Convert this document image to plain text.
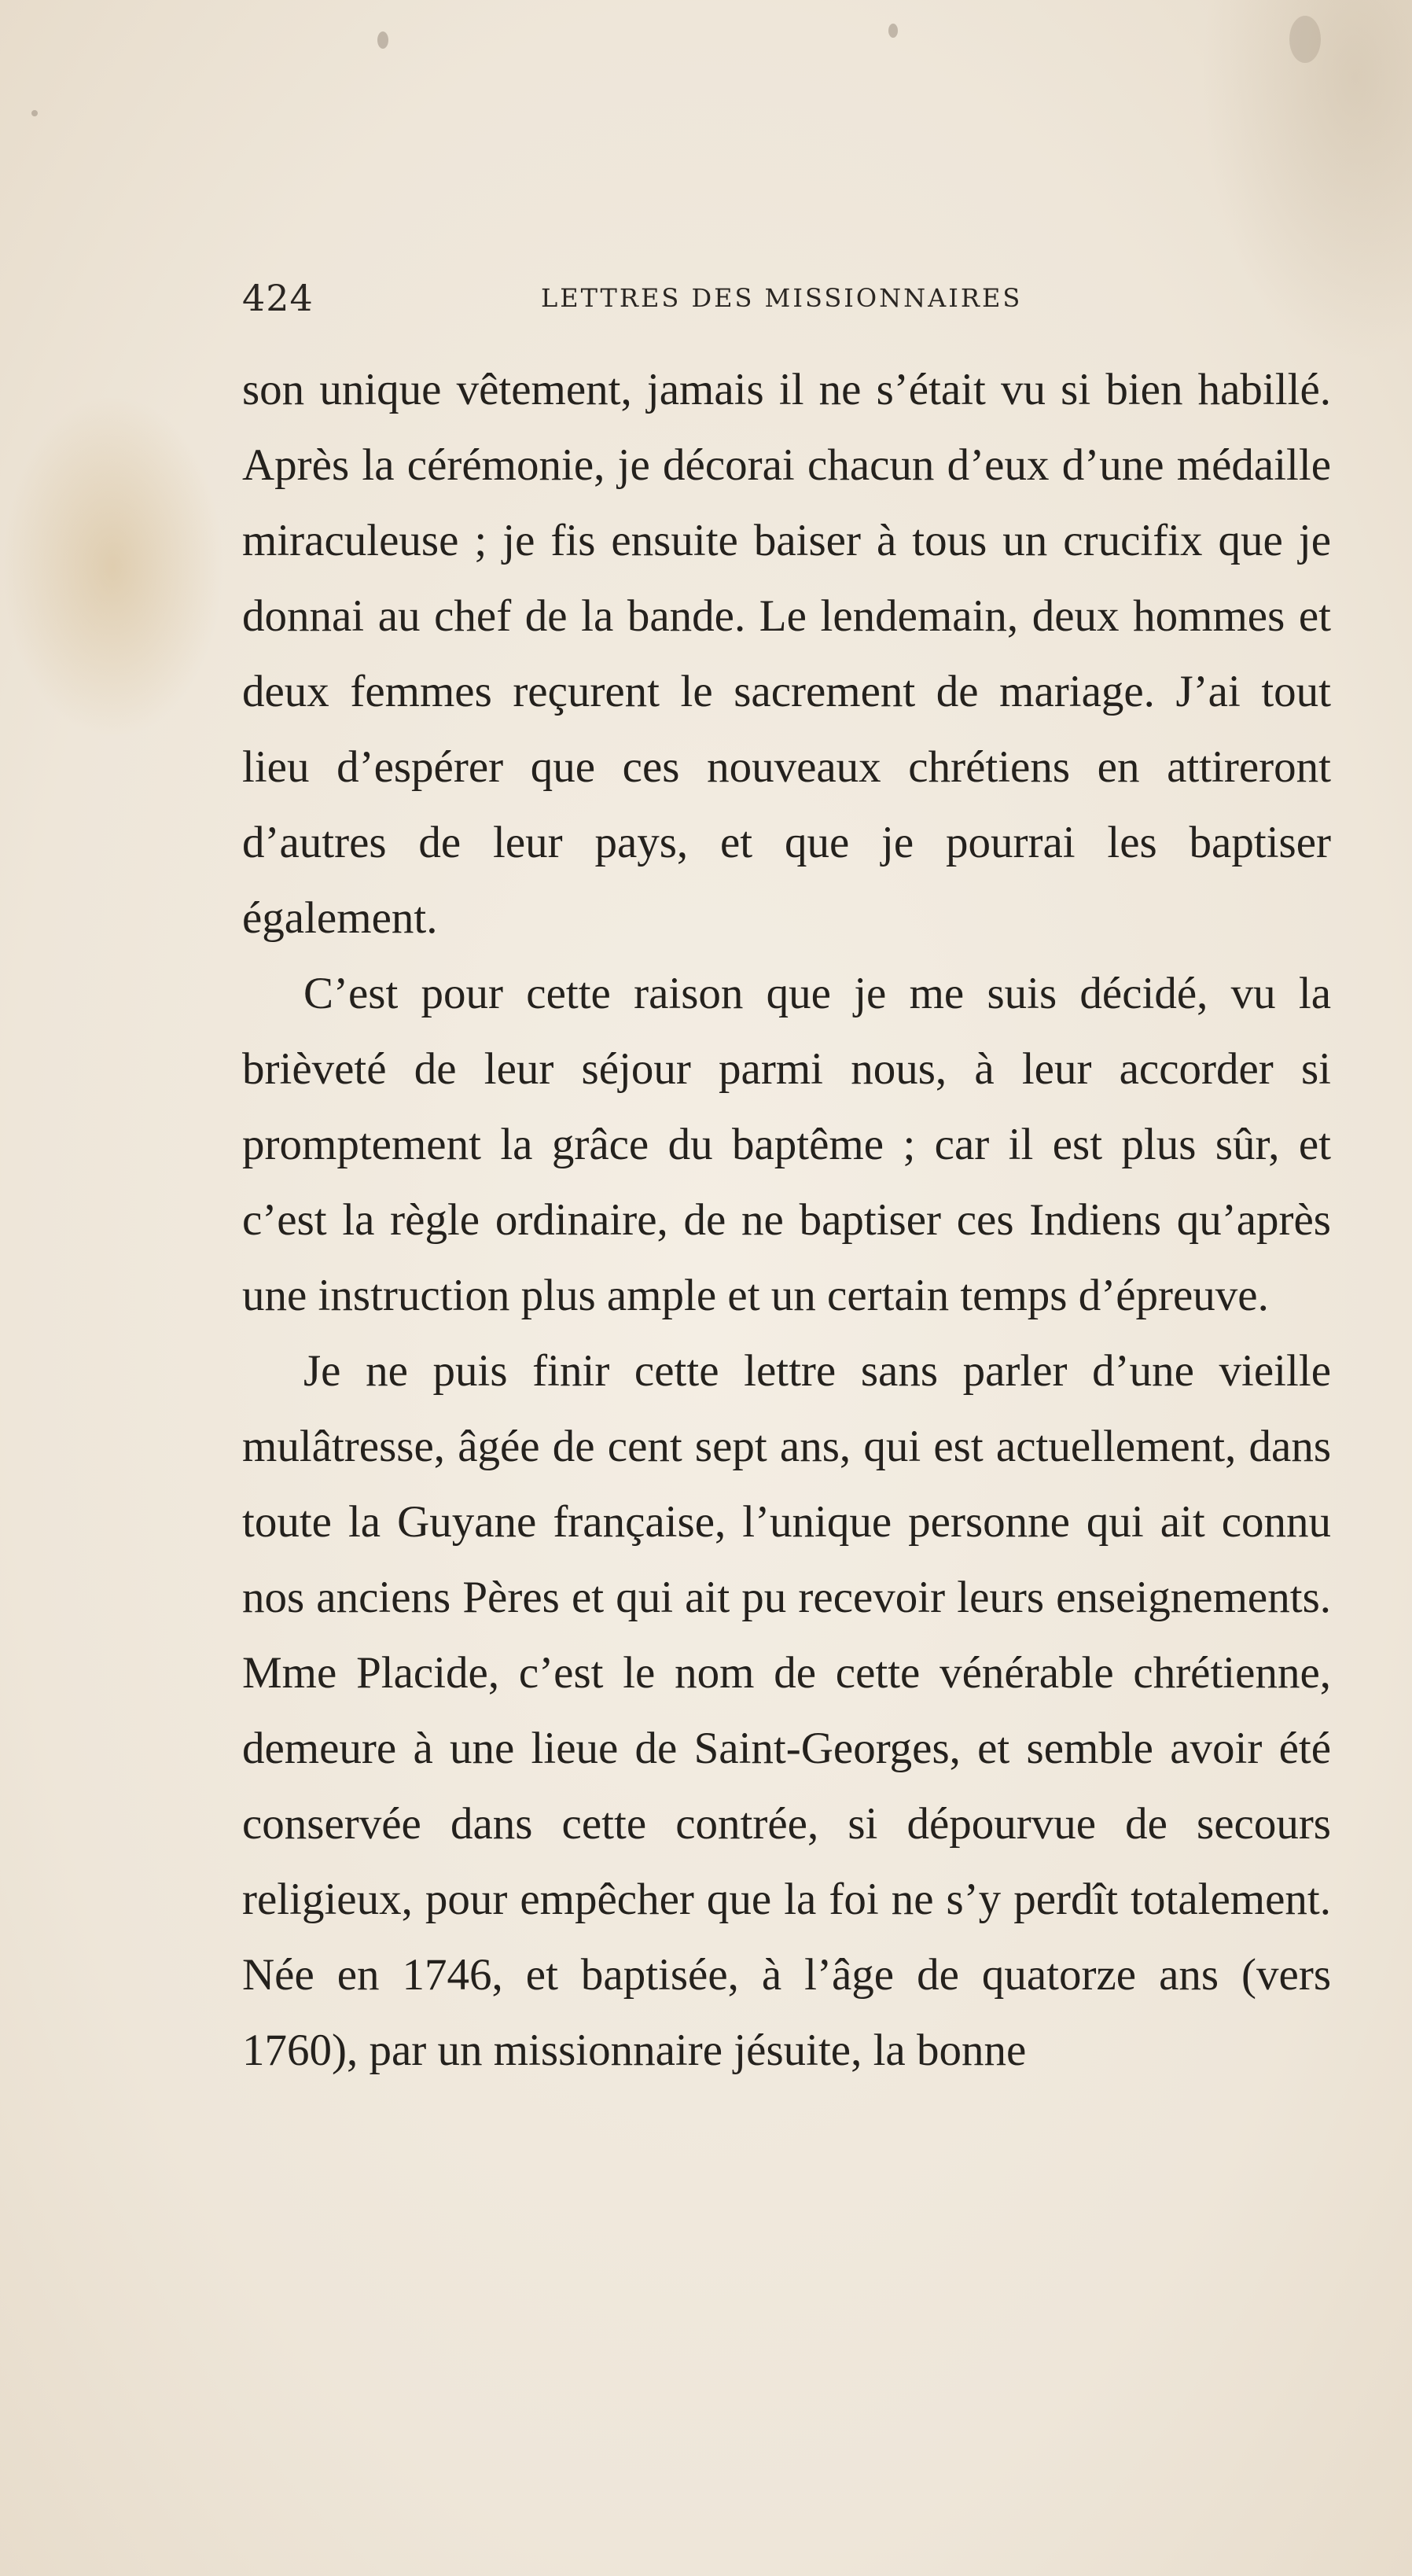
424	LETTRES DES MISSIONNAIRES

son unique vêtement, jamais il ne s’était vu si bien habillé. Après la cérémonie, je décorai chacun d’eux d’une médaille miraculeuse ; je fis ensuite baiser à tous un crucifix que je donnai au chef de la bande. Le lendemain, deux hommes et deux femmes reçurent le sacrement de mariage. J’ai tout lieu d’espérer que ces nouveaux chrétiens en attireront d’autres de leur pays, et que je pourrai les baptiser également.

C’est pour cette raison que je me suis décidé, vu la brièveté de leur séjour parmi nous, à leur accorder si promptement la grâce du baptême ; car il est plus sûr, et c’est la règle ordinaire, de ne baptiser ces Indiens qu’après une instruction plus ample et un certain temps d’épreuve.

Je ne puis finir cette lettre sans parler d’une vieille mulâtresse, âgée de cent sept ans, qui est actuellement, dans toute la Guyane française, l’unique personne qui ait connu nos anciens Pères et qui ait pu recevoir leurs enseignements. Mme Placide, c’est le nom de cette vénérable chrétienne, demeure à une lieue de Saint-Georges, et semble avoir été conservée dans cette contrée, si dépourvue de secours religieux, pour empêcher que la foi ne s’y perdît totalement. Née en 1746, et baptisée, à l’âge de quatorze ans (vers 1760), par un missionnaire jésuite, la bonne
